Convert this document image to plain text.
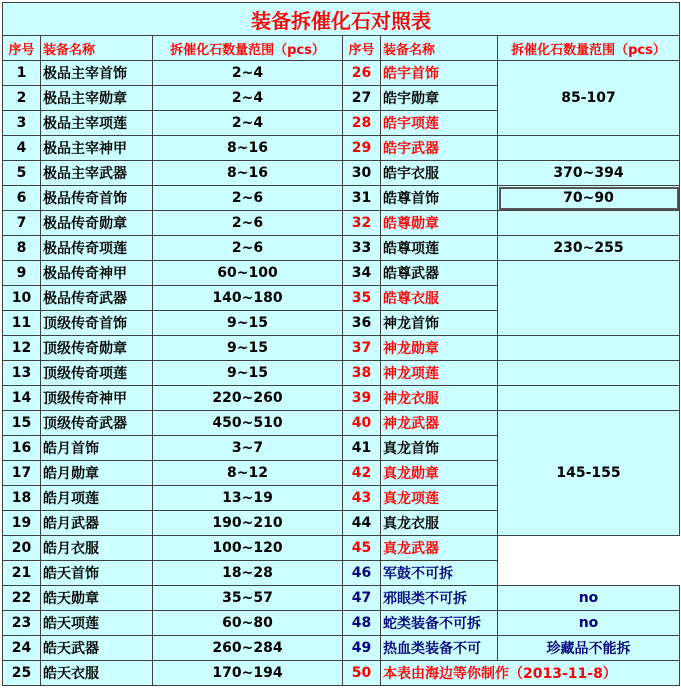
装备拆催化石对照表					
序号	装备名称	拆催化石数量范围（pcs）	序号	装备名称	拆催化石数量范围（pcs）
1	极品主宰首饰	2~4	26	皓宇首饰	85-107
2	极品主宰勋章	2~4	27	皓宇勋章	
3	极品主宰项莲	2~4	28	皓宇项莲	
4	极品主宰神甲	8~16	29	皓宇武器	
5	极品主宰武器	8~16	30	皓宇衣服	370~394
6	极品传奇首饰	2~6	31	皓尊首饰	70~90
7	极品传奇勋章	2~6	32	皓尊勋章	
8	极品传奇项莲	2~6	33	皓尊项莲	230~255
9	极品传奇神甲	60~100	34	皓尊武器	
10	极品传奇武器	140~180	35	皓尊衣服	
11	顶级传奇首饰	9~15	36	神龙首饰	
12	顶级传奇勋章	9~15	37	神龙勋章	
13	顶级传奇项莲	9~15	38	神龙项莲	
14	顶级传奇神甲	220~260	39	神龙衣服	
15	顶级传奇武器	450~510	40	神龙武器	145-155
16	皓月首饰	3~7	41	真龙首饰	
17	皓月勋章	8~12	42	真龙勋章	
18	皓月项莲	13~19	43	真龙项莲	
19	皓月武器	190~210	44	真龙衣服	
20	皓月衣服	100~120	45	真龙武器	
21	皓天首饰	18~28	46	军鼓不可拆	
22	皓天勋章	35~57	47	邪眼类不可拆	no
23	皓天项莲	60~80	48	蛇类装备不可拆	no
24	皓天武器	260~284	49	热血类装备不可	珍藏品不能拆
25	皓天衣服	170~194	50	本表由海边等你制作（2013-11-8）	
